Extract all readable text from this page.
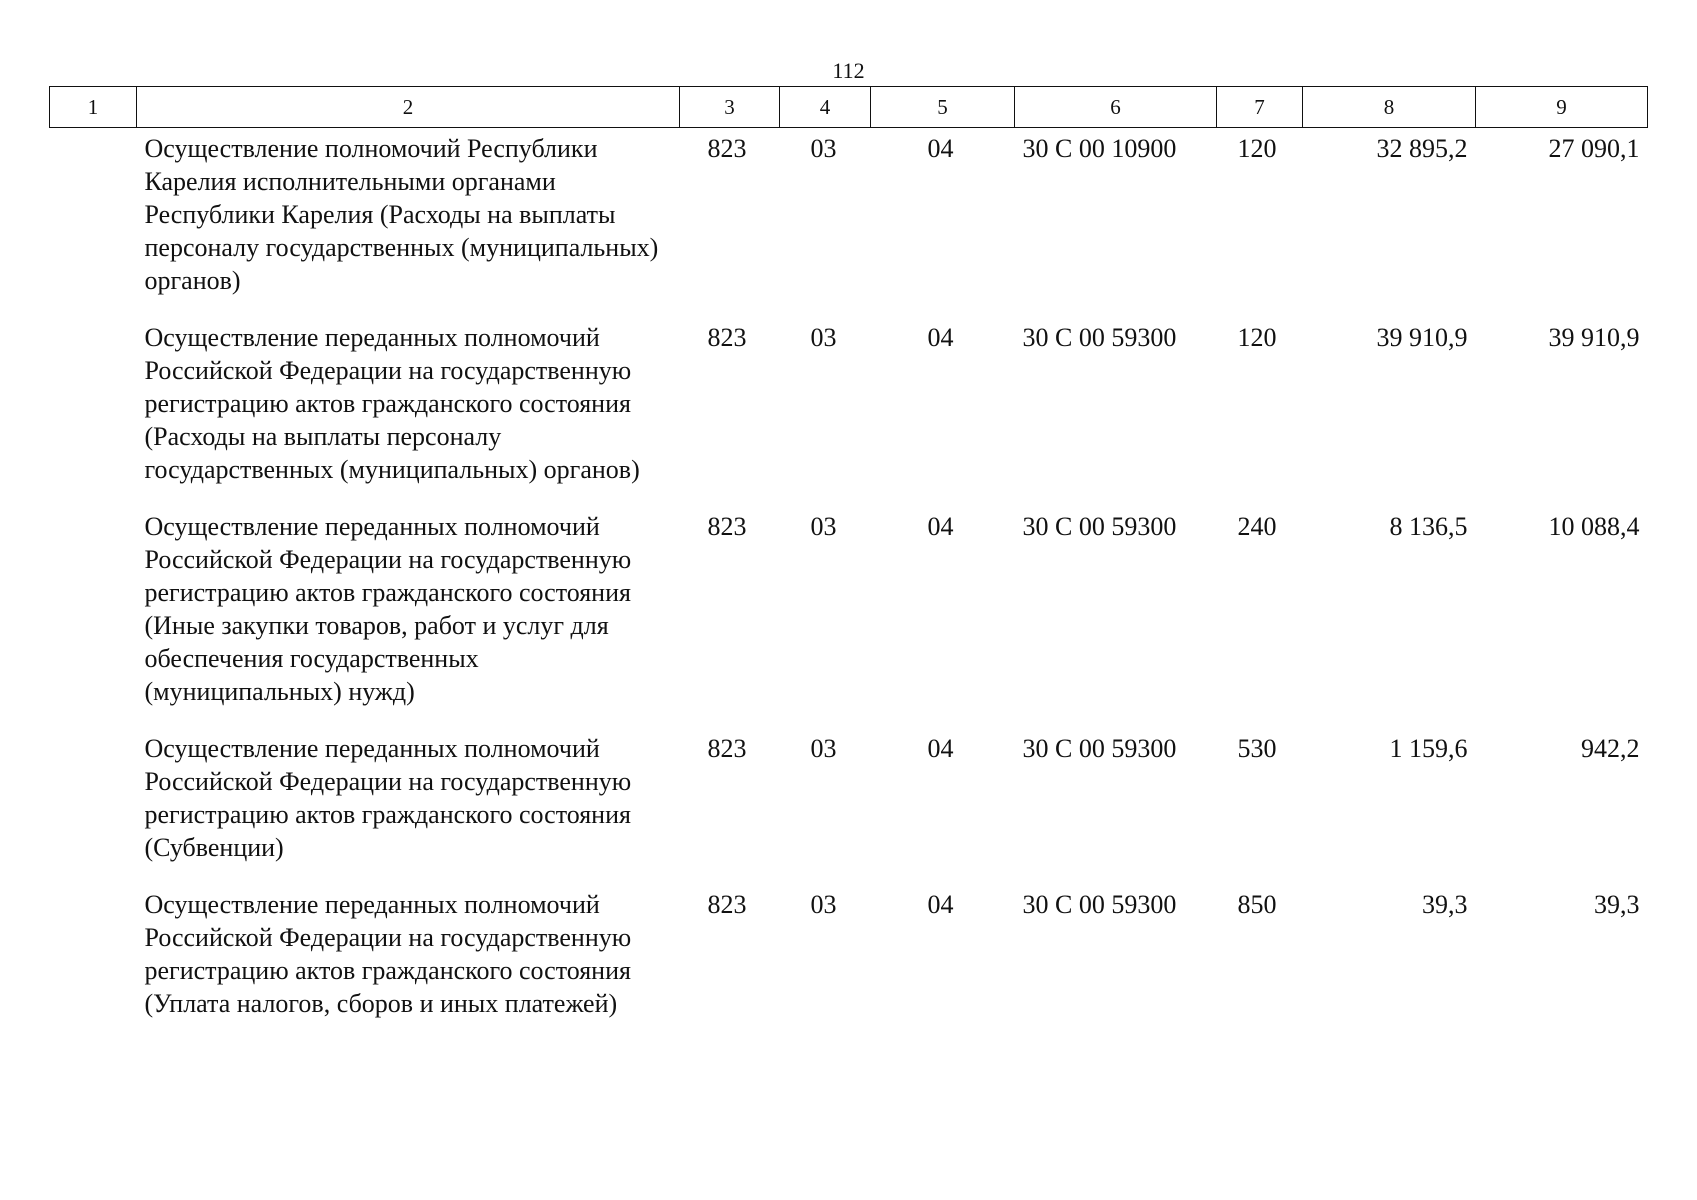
112
1	2	3	4	5	6	7	8	9
	Осуществление полномочий Республики Карелия исполнительными органами Республики Карелия (Расходы на выплаты персоналу государственных (муниципальных) органов)	823	03	04	30 С 00 10900	120	32 895,2	27 090,1
	Осуществление переданных полномочий Российской Федерации на государственную регистрацию актов гражданского состояния (Расходы на выплаты персоналу государственных (муниципальных) органов)	823	03	04	30 С 00 59300	120	39 910,9	39 910,9
	Осуществление переданных полномочий Российской Федерации на государственную регистрацию актов гражданского состояния (Иные закупки товаров, работ и услуг для обеспечения государственных (муниципальных) нужд)	823	03	04	30 С 00 59300	240	8 136,5	10 088,4
	Осуществление переданных полномочий Российской Федерации на государственную регистрацию актов гражданского состояния (Субвенции)	823	03	04	30 С 00 59300	530	1 159,6	942,2
	Осуществление переданных полномочий Российской Федерации на государственную регистрацию актов гражданского состояния (Уплата налогов, сборов и иных платежей)	823	03	04	30 С 00 59300	850	39,3	39,3
